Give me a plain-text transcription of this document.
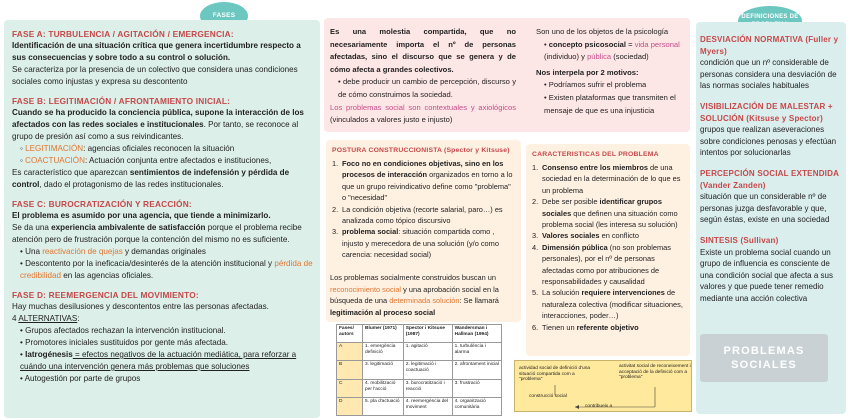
FASES	DEFINICIONES DE
FASE A: TURBULENCIA / AGITACIÓN / EMERGENCIA:
Identificación de una situación crítica que genera incertidumbre respecto a sus consecuencias y sobre todo a su control o solución.
Se caracteriza por la presencia de un colectivo que considera unas condiciones sociales como injustas y expresa su descontento
FASE B: LEGITIMACIÓN / AFRONTAMIENTO INICIAL:
Cuando se ha producido la conciencia pública, supone la interacción de los afectados con las redes sociales e institucionales. Por tanto, se reconoce al grupo de presión así como a sus reivindicantes.
◦ LEGITIMACIÓN: agencias oficiales reconocen la situación
◦ COACTUACIÓN: Actuación conjunta entre afectados e instituciones,
Es característico que aparezcan sentimientos de indefensión y pérdida de control, dado el protagonismo de las redes institucionales.
FASE C: BUROCRATIZACIÓN Y REACCIÓN:
El problema es asumido por una agencia, que tiende a minimizarlo.
Se da una experiencia ambivalente de satisfacción porque el problema recibe atención pero de frustración porque la contención del mismo no es suficiente.
• Una reactivación de quejas y demandas originales
• Descontento por la ineficacia/desinterés de la atención institucional y pérdida de credibilidad en las agencias oficiales.
FASE D: REEMERGENCIA DEL MOVIMIENTO:
Hay muchas desilusiones y descontentos entre las personas afectadas.
4 ALTERNATIVAS:
• Grupos afectados rechazan la intervención institucional.
• Promotores iniciales sustituidos por gente más afectada.
• Iatrogénesis = efectos negativos de la actuación mediática, para reforzar a cuándo una intervención genera más problemas que soluciones
• Autogestión por parte de grupos
Es una molestia compartida, que no necesariamente importa el nº de personas afectadas, sino el discurso que se genera y de cómo afecta a grandes colectivos.
• debe producir un cambio de percepción, discurso y de cómo construimos la sociedad.
Los problemas social son contextuales y axiológicos (vinculados a valores justo e injusto)
Son uno de los objetos de la psicología
• concepto psicosocial = vida personal (individuo) y pública (sociedad)
Nos interpela por 2 motivos:
• Podríamos sufrir el problema
• Existen plataformas que transmiten el mensaje de que es una injusticia
POSTURA CONSTRUCCIONISTA (Spector y Kitsuse)
1. Foco no en condiciones objetivas, sino en los procesos de interacción organizados en torno a lo que un grupo reivindicativo define como "problema" o "necesidad"
2. La condición objetiva (recorte salarial, paro…) es analizada como tópico discursivo
3. problema social: situación compartida como , injusto y merecedora de una solución (y/o como carencia: necesidad social)
Los problemas socialmente construidos buscan un reconocimiento social y una aprobación social en la búsqueda de una determinada solución: Se llamará legitimación al proceso social
CARACTERISTICAS DEL PROBLEMA
1. Consenso entre los miembros de una sociedad en la determinación de lo que es un problema
2. Debe ser posible identificar grupos sociales que definen una situación como problema social (les interesa su solución)
3. Valores sociales en conflicto
4. Dimensión pública (no son problemas personales), por el nº de personas afectadas como por atribuciones de responsabilidades y causalidad
5. La solución requiere intervenciones de naturaleza colectiva (modificar situaciones, interacciones, poder…)
6. Tienen un referente objetivo
Fases/ autors	Blumer (1971)	Spector i Kitsuse (1987)	Wandersman i Hallman (1994)
A	1. emergència definició	1. agitació	1. turbulència i alarma
B	3. legitimació	2. legitimació i coactuació	2. afrontament inicial
C	4. mobilització per l'acció	3. burocratització i reacció	3. frustració
D	5. pla d'actuació	4. reemergència del moviment	4. organització comunitària
actividad social de definició d'una situació compartida com a "problema"
activitat social de reconeixement i acceptació de la definició com a "problema"
construcció social
contribueix a
DESVIACIÓN NORMATIVA (Fuller y Myers)
condición que un nº considerable de personas considera una desviación de las normas sociales habituales
VISIBILIZACIÓN DE MALESTAR + SOLUCIÓN (Kitsuse y Spector)
grupos que realizan aseveraciones sobre condiciones penosas y efectúan intentos por solucionarlas
PERCEPCIÓN SOCIAL EXTENDIDA (Vander Zanden)
situación que un considerable nº de personas juzga desfavorable y que, según éstas, existe en una sociedad
SINTESIS (Sullivan)
Existe un problema social cuando un grupo de influencia es consciente de una condición social que afecta a sus valores y que puede tener remedio mediante una acción colectiva
PROBLEMAS SOCIALES
